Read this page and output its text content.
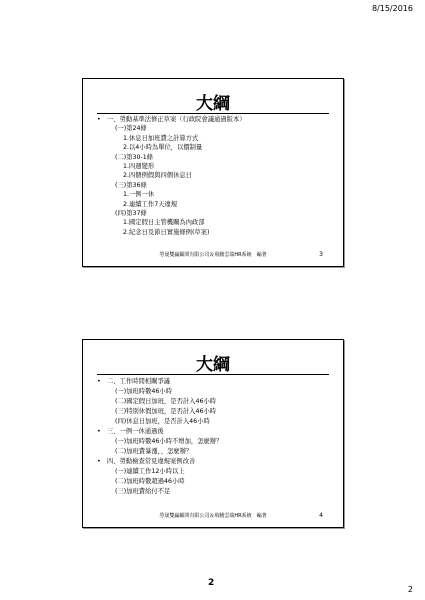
8/15/2016
大綱
• 一、勞動基準法修正草案（行政院會議通過版本）
(一)第24條
1.休息日加班費之計算方式
2.以4小時為單位，以價制量
(二)第30-1條
1.四週變形
2.四個例假與四個休息日
(三)第36條
1.一例一休
2.連續工作7天違規
(四)第37條
1.國定假日主管機關為內政部
2.紀念日及節日實施條例(草案)
勞晟雙贏顧問有限公司＆飛騰雲端HR系統　編著	3
大綱
• 二、工作時間相關爭議
(一)加班時數46小時
(二)國定假日加班，是否計入46小時
(三)特別休假加班，是否計入46小時
(四)休息日加班，是否計入46小時
• 三、一例一休通過後
(一)加班時數46小時不增加，怎麼辦？
(二)加班費暴漲，，怎麼辦？
• 四、勞動檢查常見違規案例改善
(一)連續工作12小時以上
(二)加班時數超過46小時
(三)加班費給付不足
勞晟雙贏顧問有限公司＆飛騰雲端HR系統　編著	4
2
2
